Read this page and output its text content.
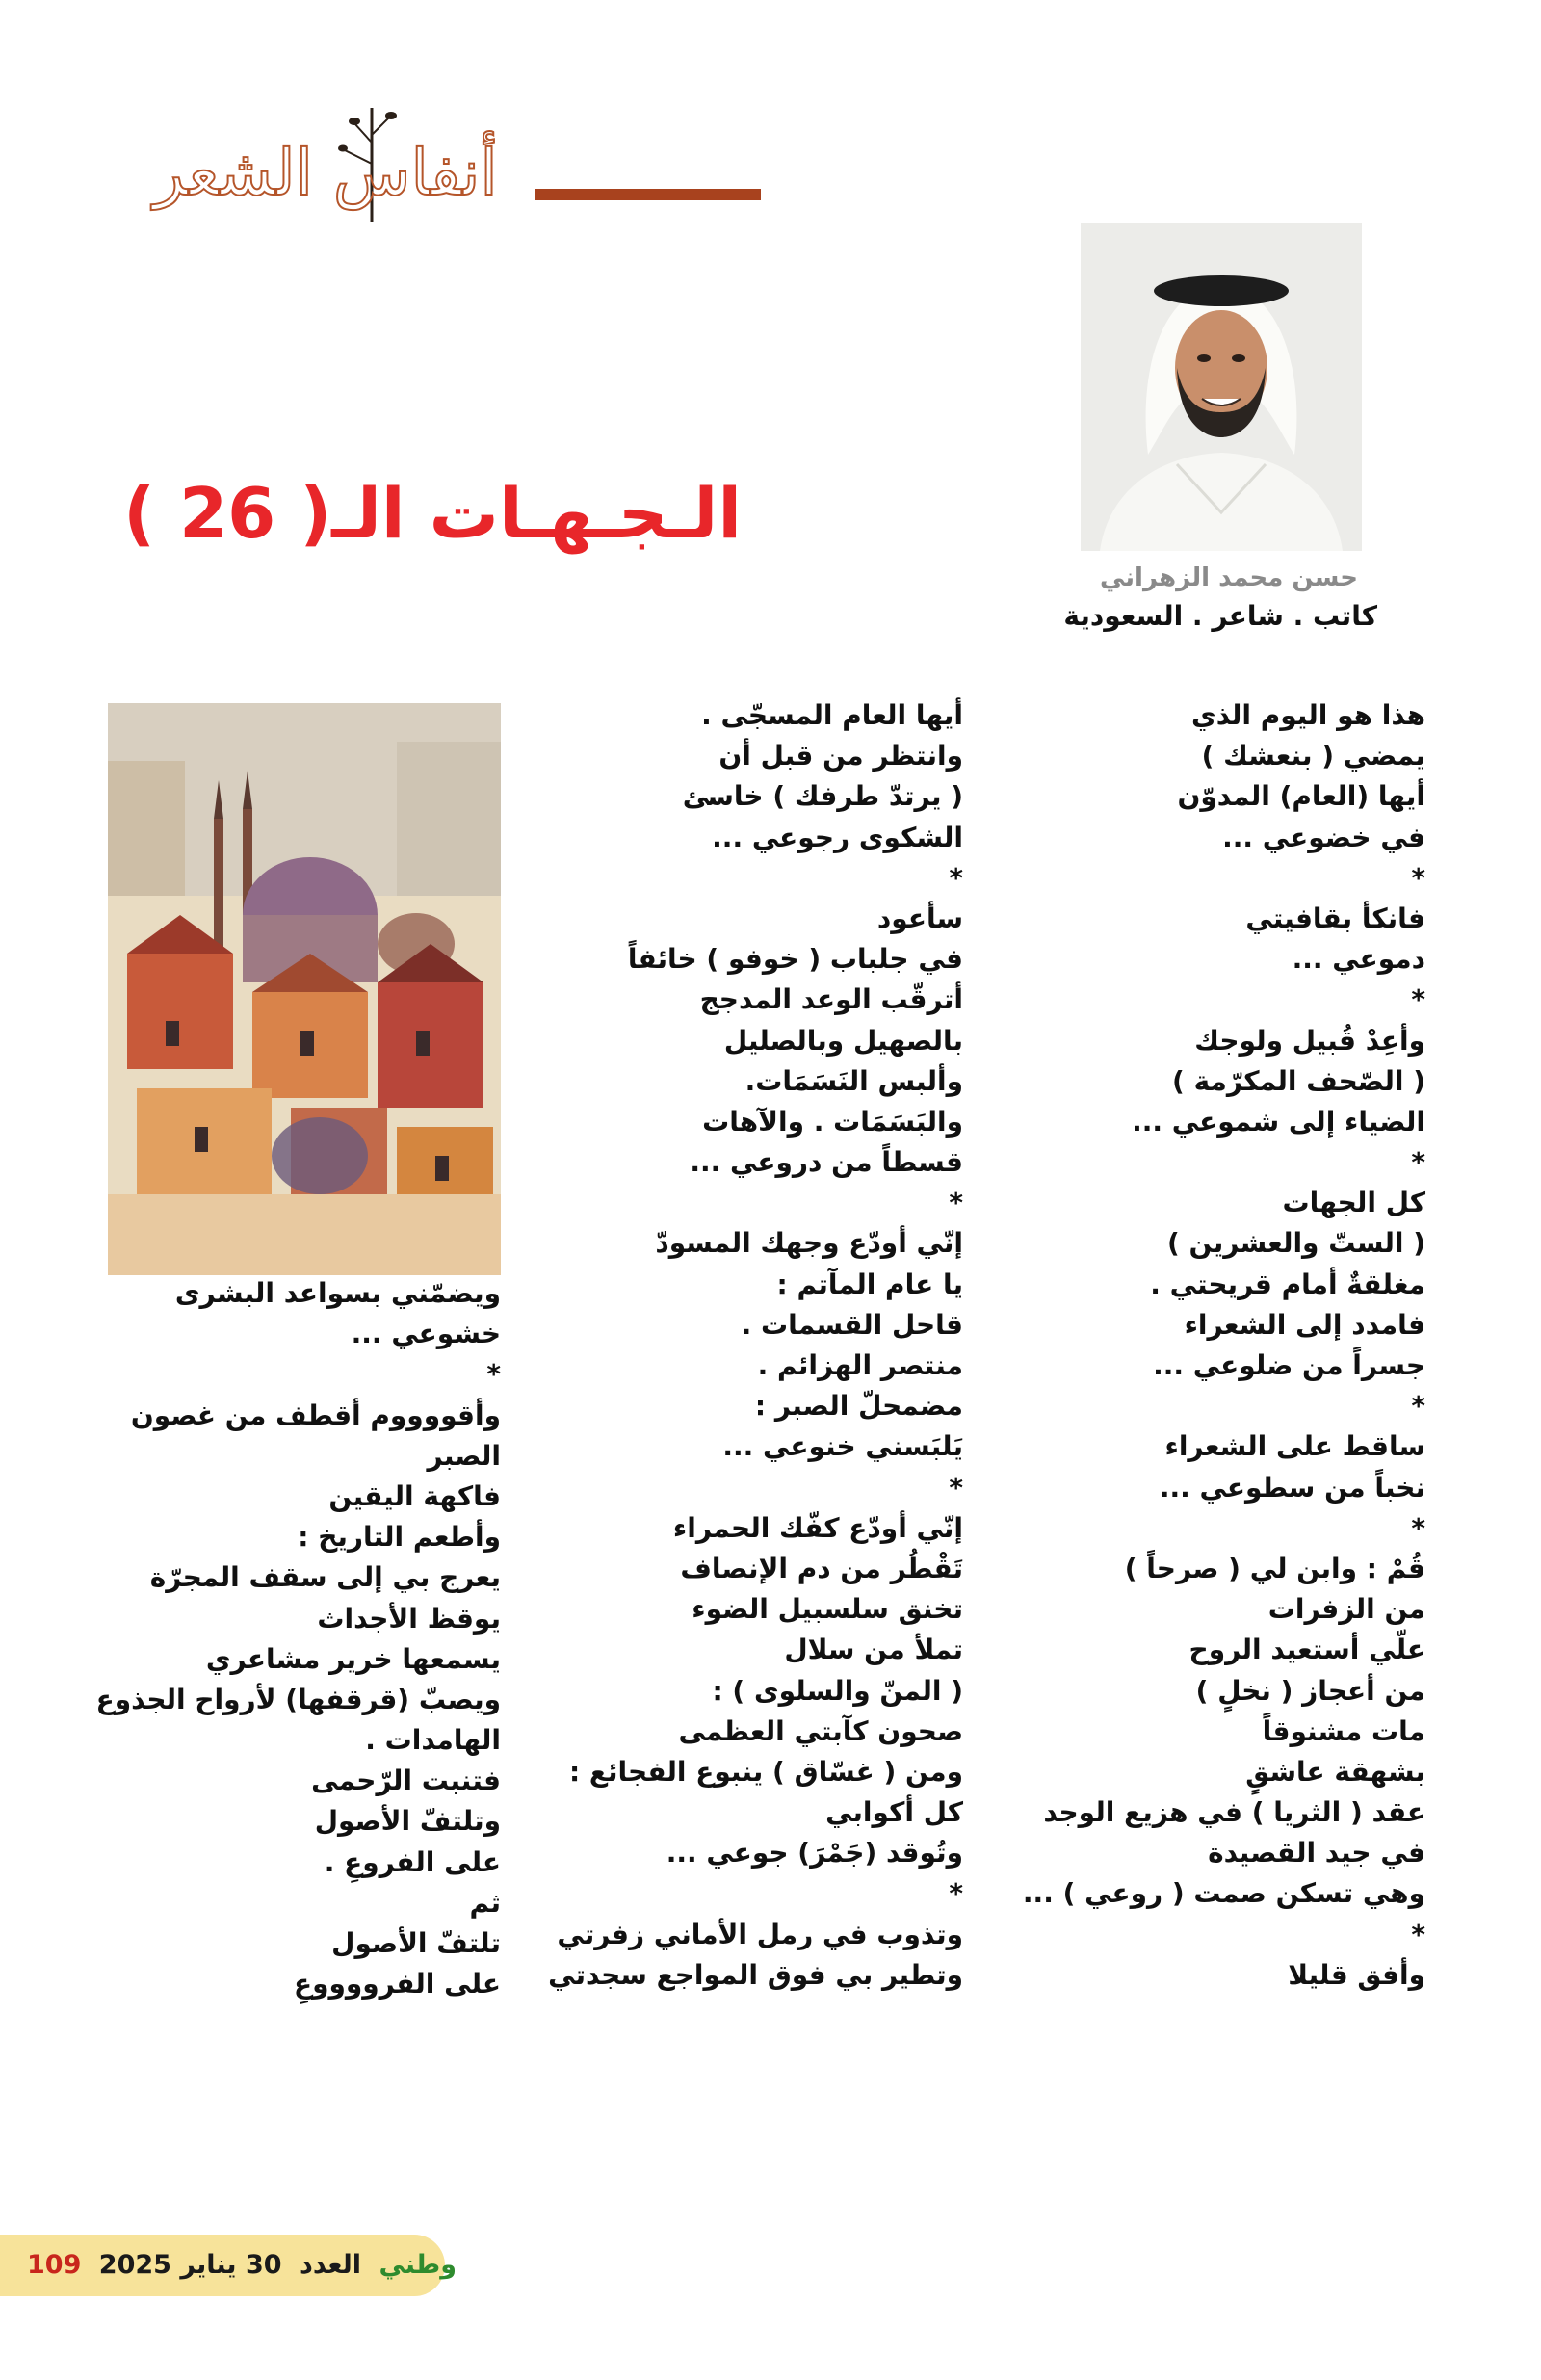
أنفاس الشعر
الـجـهـات الـ( 26 )
حسن محمد الزهراني
كاتب . شاعر . السعودية
هذا هو اليوم الذي
يمضي ( بنعشك )
أيها (العام) المدوّن
في خضوعي ...
*
فانكأ بقافيتي
دموعي ...
*
وأعِدْ قُبيل ولوجك
( الصّحف المكرّمة )
الضياء إلى شموعي ...
*
كل الجهات
( الستّ والعشرين )
مغلقةٌ أمام قريحتي .
فامدد إلى الشعراء
جسراً من ضلوعي ...
*
ساقط على الشعراء
نخباً من سطوعي ...
*
قُمْ : وابن لي ( صرحاً )
من الزفرات
علّي أستعيد الروح
من أعجاز ( نخلٍ )
مات مشنوقاً
بشهقة عاشقٍ
عقد ( الثريا ) في هزيع الوجد
في جيد القصيدة
وهي تسكن صمت ( روعي ) ...
*
وأفق قليلا
أيها العام المسجّى .
وانتظر من قبل أن
( يرتدّ طرفك ) خاسئ
الشكوى رجوعي ...
*
سأعود
في جلباب ( خوفو ) خائفاً
أترقّب الوعد المدجج
بالصهيل وبالصليل
وألبس النَسَمَات.
والبَسَمَات . والآهات
قسطاً من دروعي ...
*
إنّي أودّع وجهك المسودّ
يا عام المآتم :
قاحل القسمات .
منتصر الهزائم .
مضمحلّ الصبر :
يَلبَسني خنوعي ...
*
إنّي أودّع كفّك الحمراء
تَقْطُر من دم الإنصاف
تخنق سلسبيل الضوء
تملأ من سلال
( المنّ والسلوى ) :
صحون كآبتي العظمى
ومن ( غسّاق ) ينبوع الفجائع :
كل أكوابي
وتُوقد (جَمْرَ) جوعي ...
*
وتذوب في رمل الأماني زفرتي
وتطير بي فوق المواجع سجدتي
ويضمّني بسواعد البشرى
خشوعي ...
*
وأقووووم أقطف من غصون
الصبر
فاكهة اليقين
وأطعم التاريخ :
يعرج بي إلى سقف المجرّة
يوقظ الأجداث
يسمعها خرير مشاعري
ويصبّ (قرقفها) لأرواح الجذوع
الهامدات .
فتنبت الرّحمى
وتلتفّ الأصول
على الفروعِ .
ثم
تلتفّ الأصول
على الفرووووعِ
109	وطني العدد 30 يناير 2025
